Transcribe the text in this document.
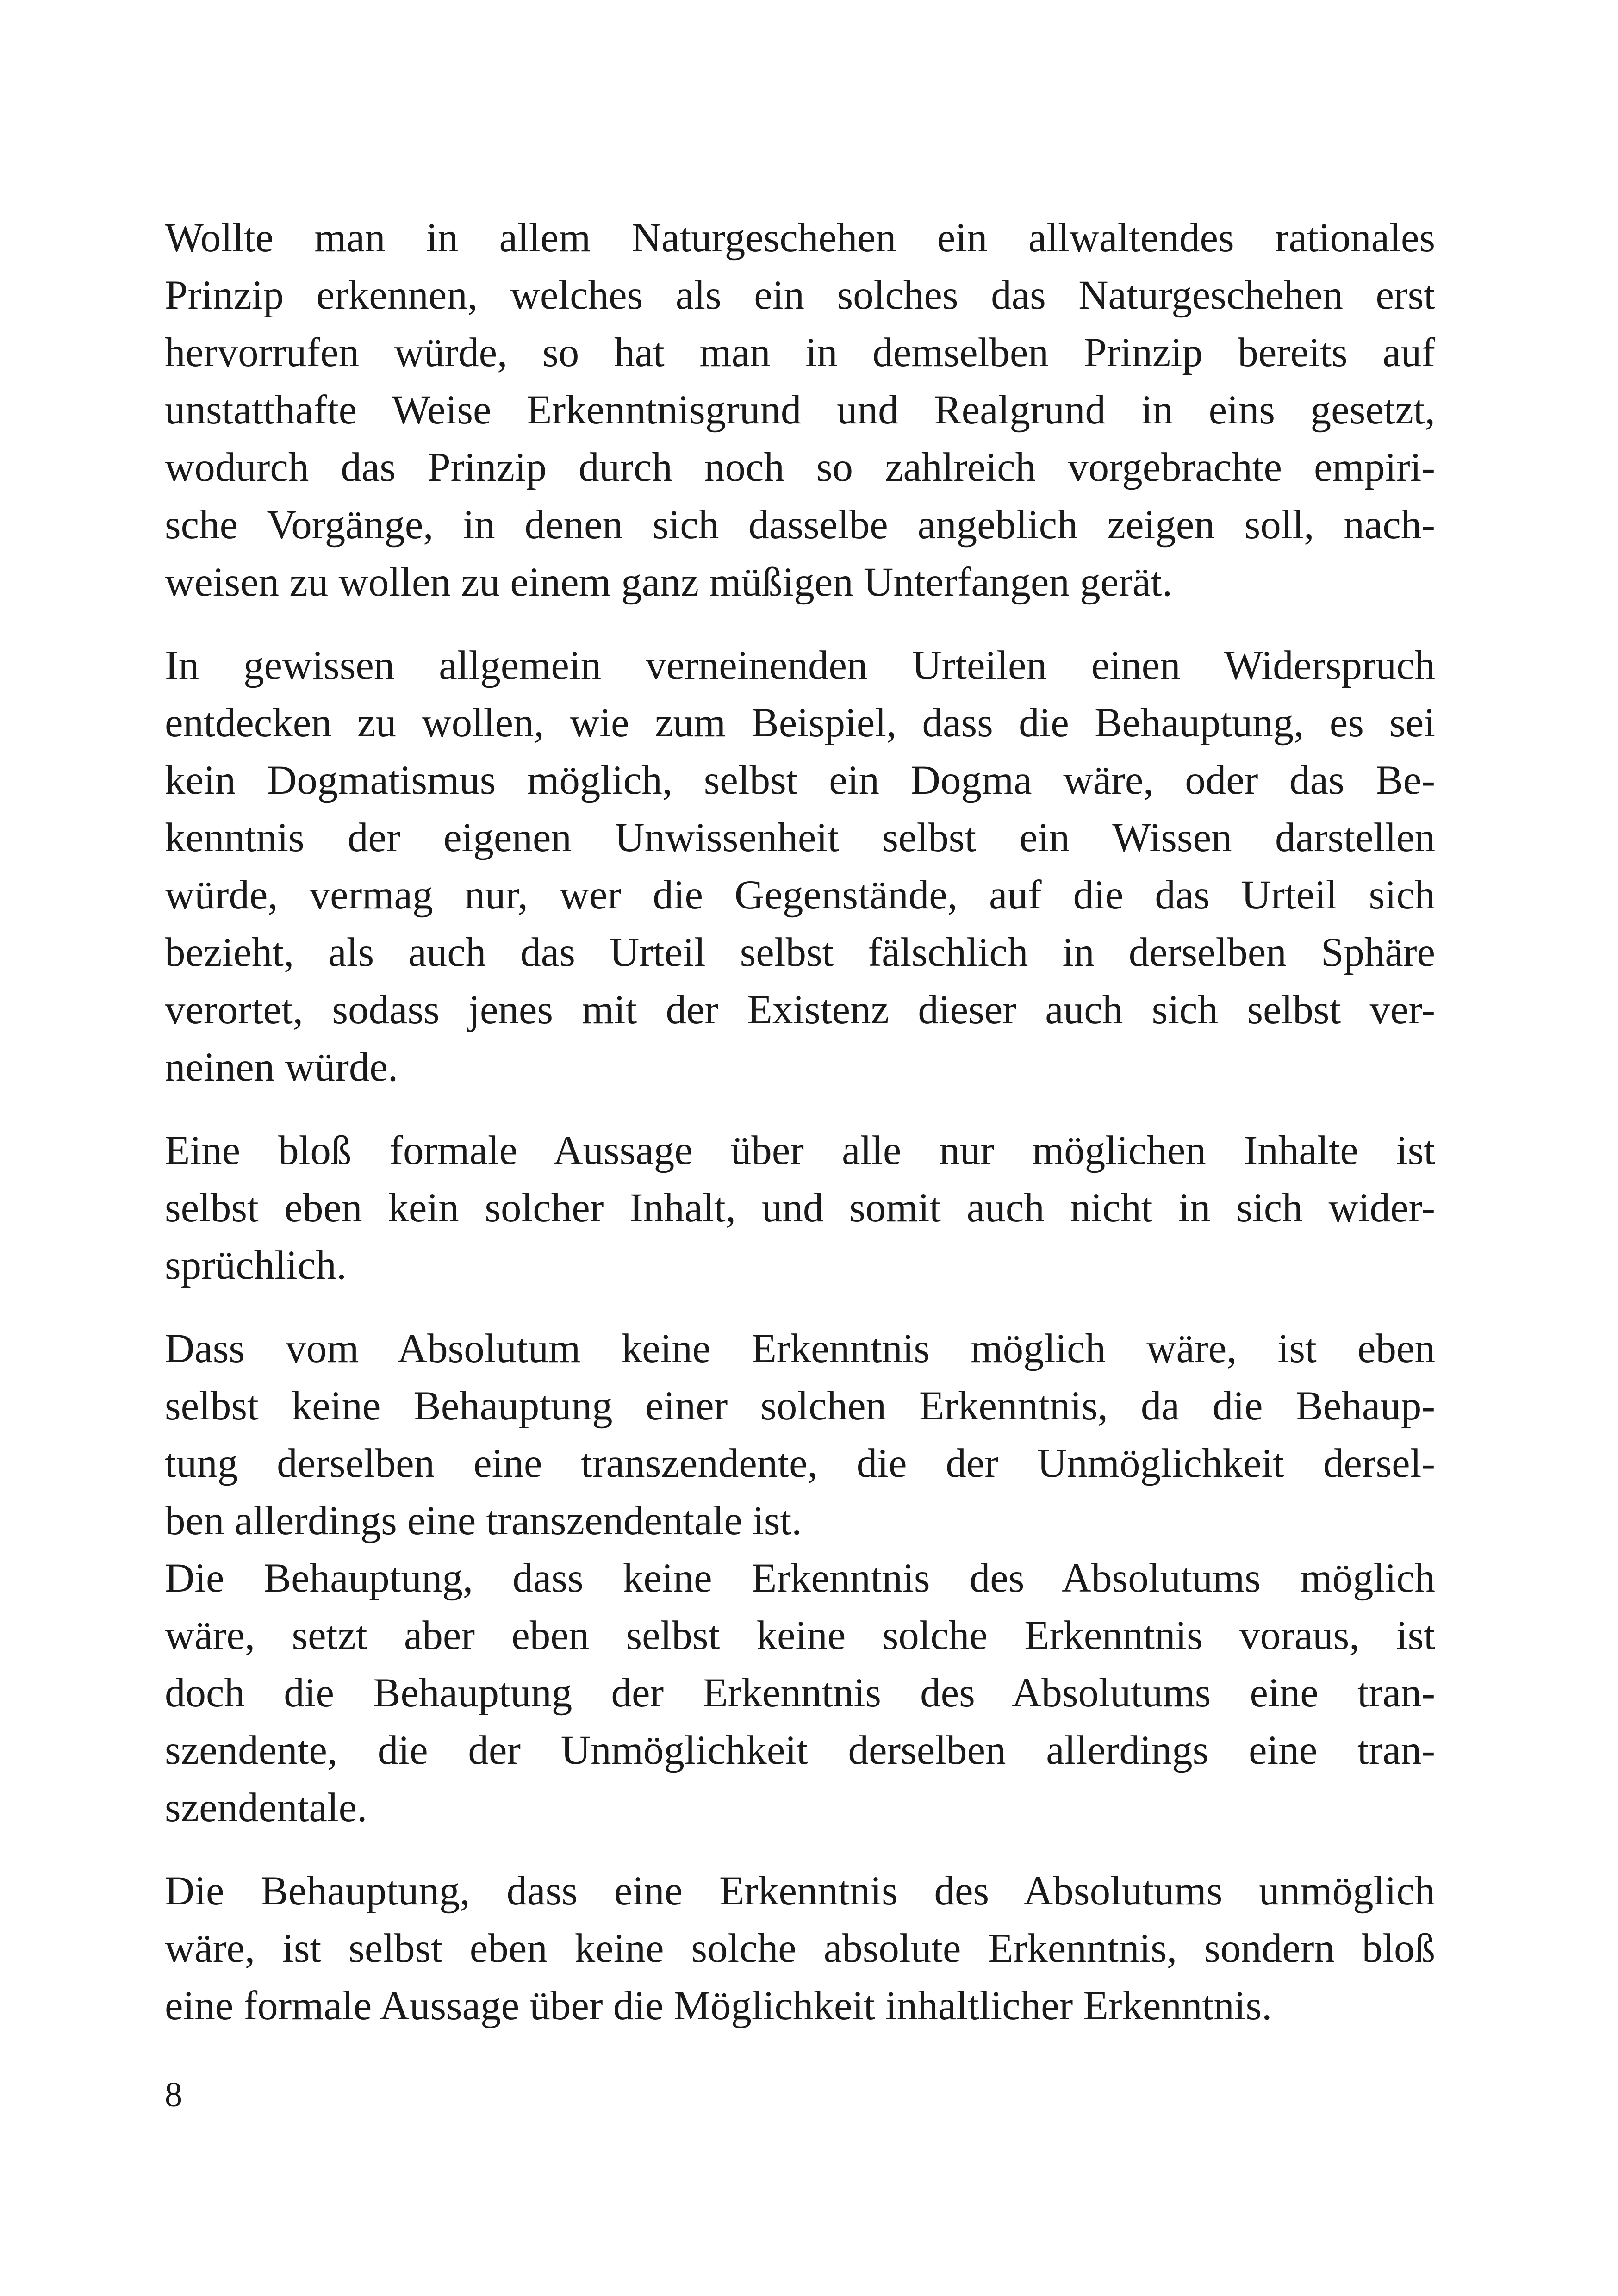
Wollte man in allem Naturgeschehen ein allwaltendes rationales
Prinzip erkennen, welches als ein solches das Naturgeschehen erst
hervorrufen würde, so hat man in demselben Prinzip bereits auf
unstatthafte Weise Erkenntnisgrund und Realgrund in eins gesetzt,
wodurch das Prinzip durch noch so zahlreich vorgebrachte empiri-
sche Vorgänge, in denen sich dasselbe angeblich zeigen soll, nach-
weisen zu wollen zu einem ganz müßigen Unterfangen gerät.
In gewissen allgemein verneinenden Urteilen einen Widerspruch
entdecken zu wollen, wie zum Beispiel, dass die Behauptung, es sei
kein Dogmatismus möglich, selbst ein Dogma wäre, oder das Be-
kenntnis der eigenen Unwissenheit selbst ein Wissen darstellen
würde, vermag nur, wer die Gegenstände, auf die das Urteil sich
bezieht, als auch das Urteil selbst fälschlich in derselben Sphäre
verortet, sodass jenes mit der Existenz dieser auch sich selbst ver-
neinen würde.
Eine bloß formale Aussage über alle nur möglichen Inhalte ist
selbst eben kein solcher Inhalt, und somit auch nicht in sich wider-
sprüchlich.
Dass vom Absolutum keine Erkenntnis möglich wäre, ist eben
selbst keine Behauptung einer solchen Erkenntnis, da die Behaup-
tung derselben eine transzendente, die der Unmöglichkeit dersel-
ben allerdings eine transzendentale ist.
Die Behauptung, dass keine Erkenntnis des Absolutums möglich
wäre, setzt aber eben selbst keine solche Erkenntnis voraus, ist
doch die Behauptung der Erkenntnis des Absolutums eine tran-
szendente, die der Unmöglichkeit derselben allerdings eine tran-
szendentale.
Die Behauptung, dass eine Erkenntnis des Absolutums unmöglich
wäre, ist selbst eben keine solche absolute Erkenntnis, sondern bloß
eine formale Aussage über die Möglichkeit inhaltlicher Erkenntnis.
8
